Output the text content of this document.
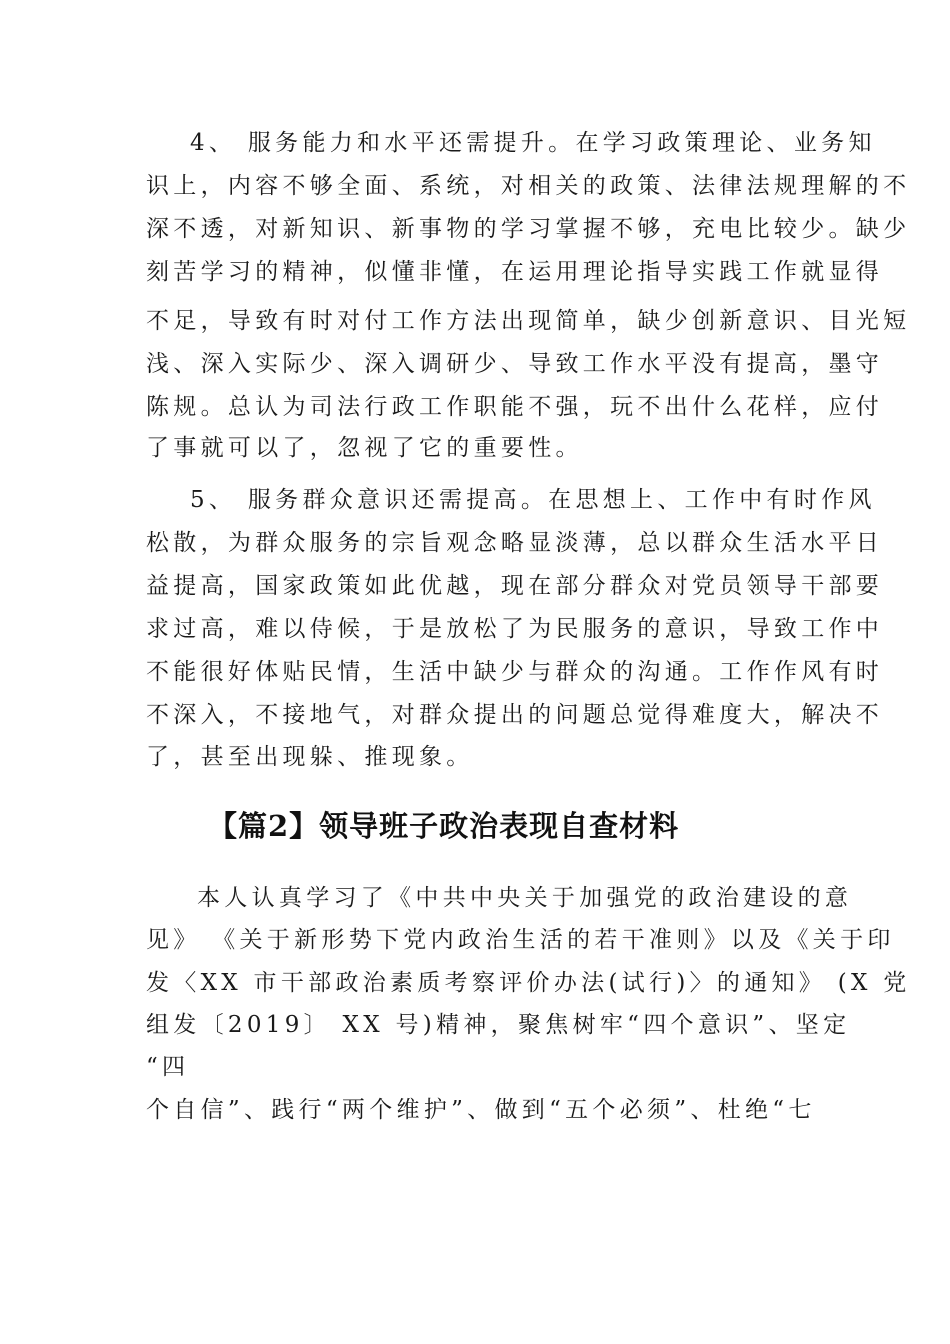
4、 服务能力和水平还需提升。在学习政策理论、业务知
识上，内容不够全面、系统，对相关的政策、法律法规理解的不
深不透，对新知识、新事物的学习掌握不够，充电比较少。缺少
刻苦学习的精神，似懂非懂，在运用理论指导实践工作就显得
不足，导致有时对付工作方法出现简单，缺少创新意识、目光短
浅、深入实际少、深入调研少、导致工作水平没有提高，墨守
陈规。总认为司法行政工作职能不强，玩不出什么花样，应付
了事就可以了，忽视了它的重要性。
5、 服务群众意识还需提高。在思想上、工作中有时作风
松散，为群众服务的宗旨观念略显淡薄，总以群众生活水平日
益提高，国家政策如此优越，现在部分群众对党员领导干部要
求过高，难以侍候，于是放松了为民服务的意识，导致工作中
不能很好体贴民情，生活中缺少与群众的沟通。工作作风有时
不深入，不接地气，对群众提出的问题总觉得难度大，解决不
了，甚至出现躲、推现象。
【篇2】领导班子政治表现自查材料
本人认真学习了《中共中央关于加强党的政治建设的意
见》 《关于新形势下党内政治生活的若干准则》以及《关于印
发〈XX 市干部政治素质考察评价办法(试行)〉的通知》 (X 党
组发〔2019〕 XX 号)精神，聚焦树牢“四个意识”、坚定
“四
个自信”、践行“两个维护”、做到“五个必须”、杜绝“七
